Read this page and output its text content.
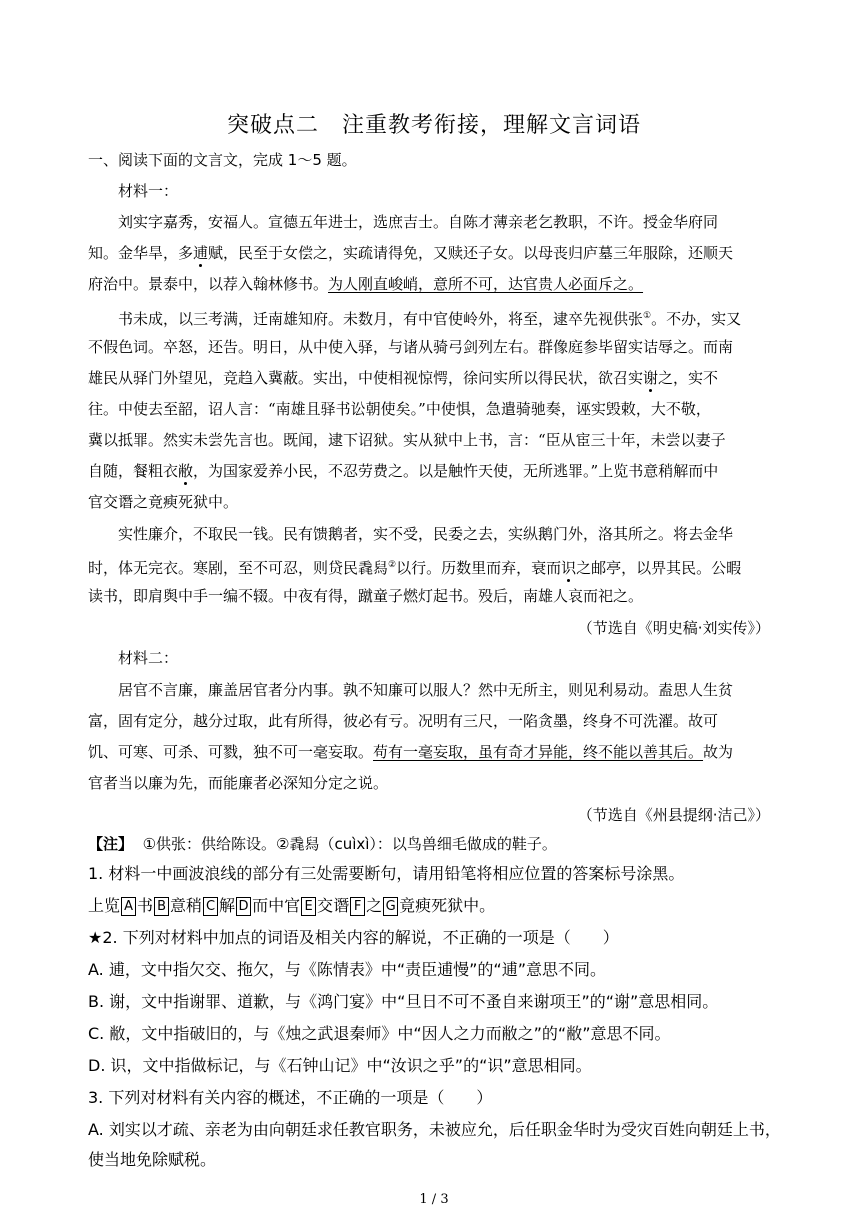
突破点二　注重教考衔接，理解文言词语
一、阅读下面的文言文，完成 1～5 题。
材料一：
刘实字嘉秀，安福人。宣德五年进士，选庶吉士。自陈才薄亲老乞教职，不许。授金华府同
知。金华旱，多逋赋，民至于女偿之，实疏请得免，又赎还子女。以母丧归庐墓三年服除，还顺天
府治中。景泰中，以荐入翰林修书。为人刚直峻峭，意所不可，达官贵人必面斥之。
书未成，以三考满，迁南雄知府。未数月，有中官使岭外，将至，逮卒先视供张①。不办，实又
不假色词。卒怒，还告。明日，从中使入驿，与诸从骑弓剑列左右。群像庭参毕留实诘辱之。而南
雄民从驿门外望见，竞趋入冀蔽。实出，中使相视惊愕，徐问实所以得民状，欲召实谢之，实不
往。中使去至韶，诏人言：“南雄且驿书讼朝使矣。”中使惧，急遣骑驰奏，诬实毁敕，大不敬，
冀以抵罪。然实未尝先言也。既闻，逮下诏狱。实从狱中上书，言：“臣从宦三十年，未尝以妻子
自随，餐粗衣敝，为国家爱养小民，不忍劳费之。以是触忤天使，无所逃罪。”上览书意稍解而中
官交谮之竟瘐死狱中。
实性廉介，不取民一钱。民有馈鹅者，实不受，民委之去，实纵鹅门外，洛其所之。将去金华
时，体无完衣。寒剧，至不可忍，则贷民毳舄②以行。历数里而弃，衰而识之邮亭，以畀其民。公暇
读书，即肩舆中手一编不辍。中夜有得，蹴童子燃灯起书。殁后，南雄人哀而祀之。
（节选自《明史稿·刘实传》）
材料二：
居官不言廉，廉盖居官者分内事。孰不知廉可以服人？然中无所主，则见利易动。盍思人生贫
富，固有定分，越分过取，此有所得，彼必有亏。况明有三尺，一陷贪墨，终身不可洗濯。故可
饥、可寒、可杀、可戮，独不可一毫妄取。苟有一毫妄取，虽有奇才异能，终不能以善其后。故为
官者当以廉为先，而能廉者必深知分定之说。
（节选自《州县提纲·洁己》）
【注】 ①供张：供给陈设。②毳舄（cuìxì）：以鸟兽细毛做成的鞋子。
1. 材料一中画波浪线的部分有三处需要断句，请用铅笔将相应位置的答案标号涂黑。
上览 A 书 B 意稍 C 解 D 而中官 E 交谮 F 之 G 竟瘐死狱中。
★2. 下列对材料中加点的词语及相关内容的解说，不正确的一项是（　　）
A. 逋，文中指欠交、拖欠，与《陈情表》中“责臣逋慢”的“逋”意思不同。
B. 谢，文中指谢罪、道歉，与《鸿门宴》中“旦日不可不蚤自来谢项王”的“谢”意思相同。
C. 敝，文中指破旧的，与《烛之武退秦师》中“因人之力而敝之”的“敝”意思不同。
D. 识，文中指做标记，与《石钟山记》中“汝识之乎”的“识”意思相同。
3. 下列对材料有关内容的概述，不正确的一项是（　　）
A. 刘实以才疏、亲老为由向朝廷求任教官职务，未被应允，后任职金华时为受灾百姓向朝廷上书，
使当地免除赋税。
1 / 3
